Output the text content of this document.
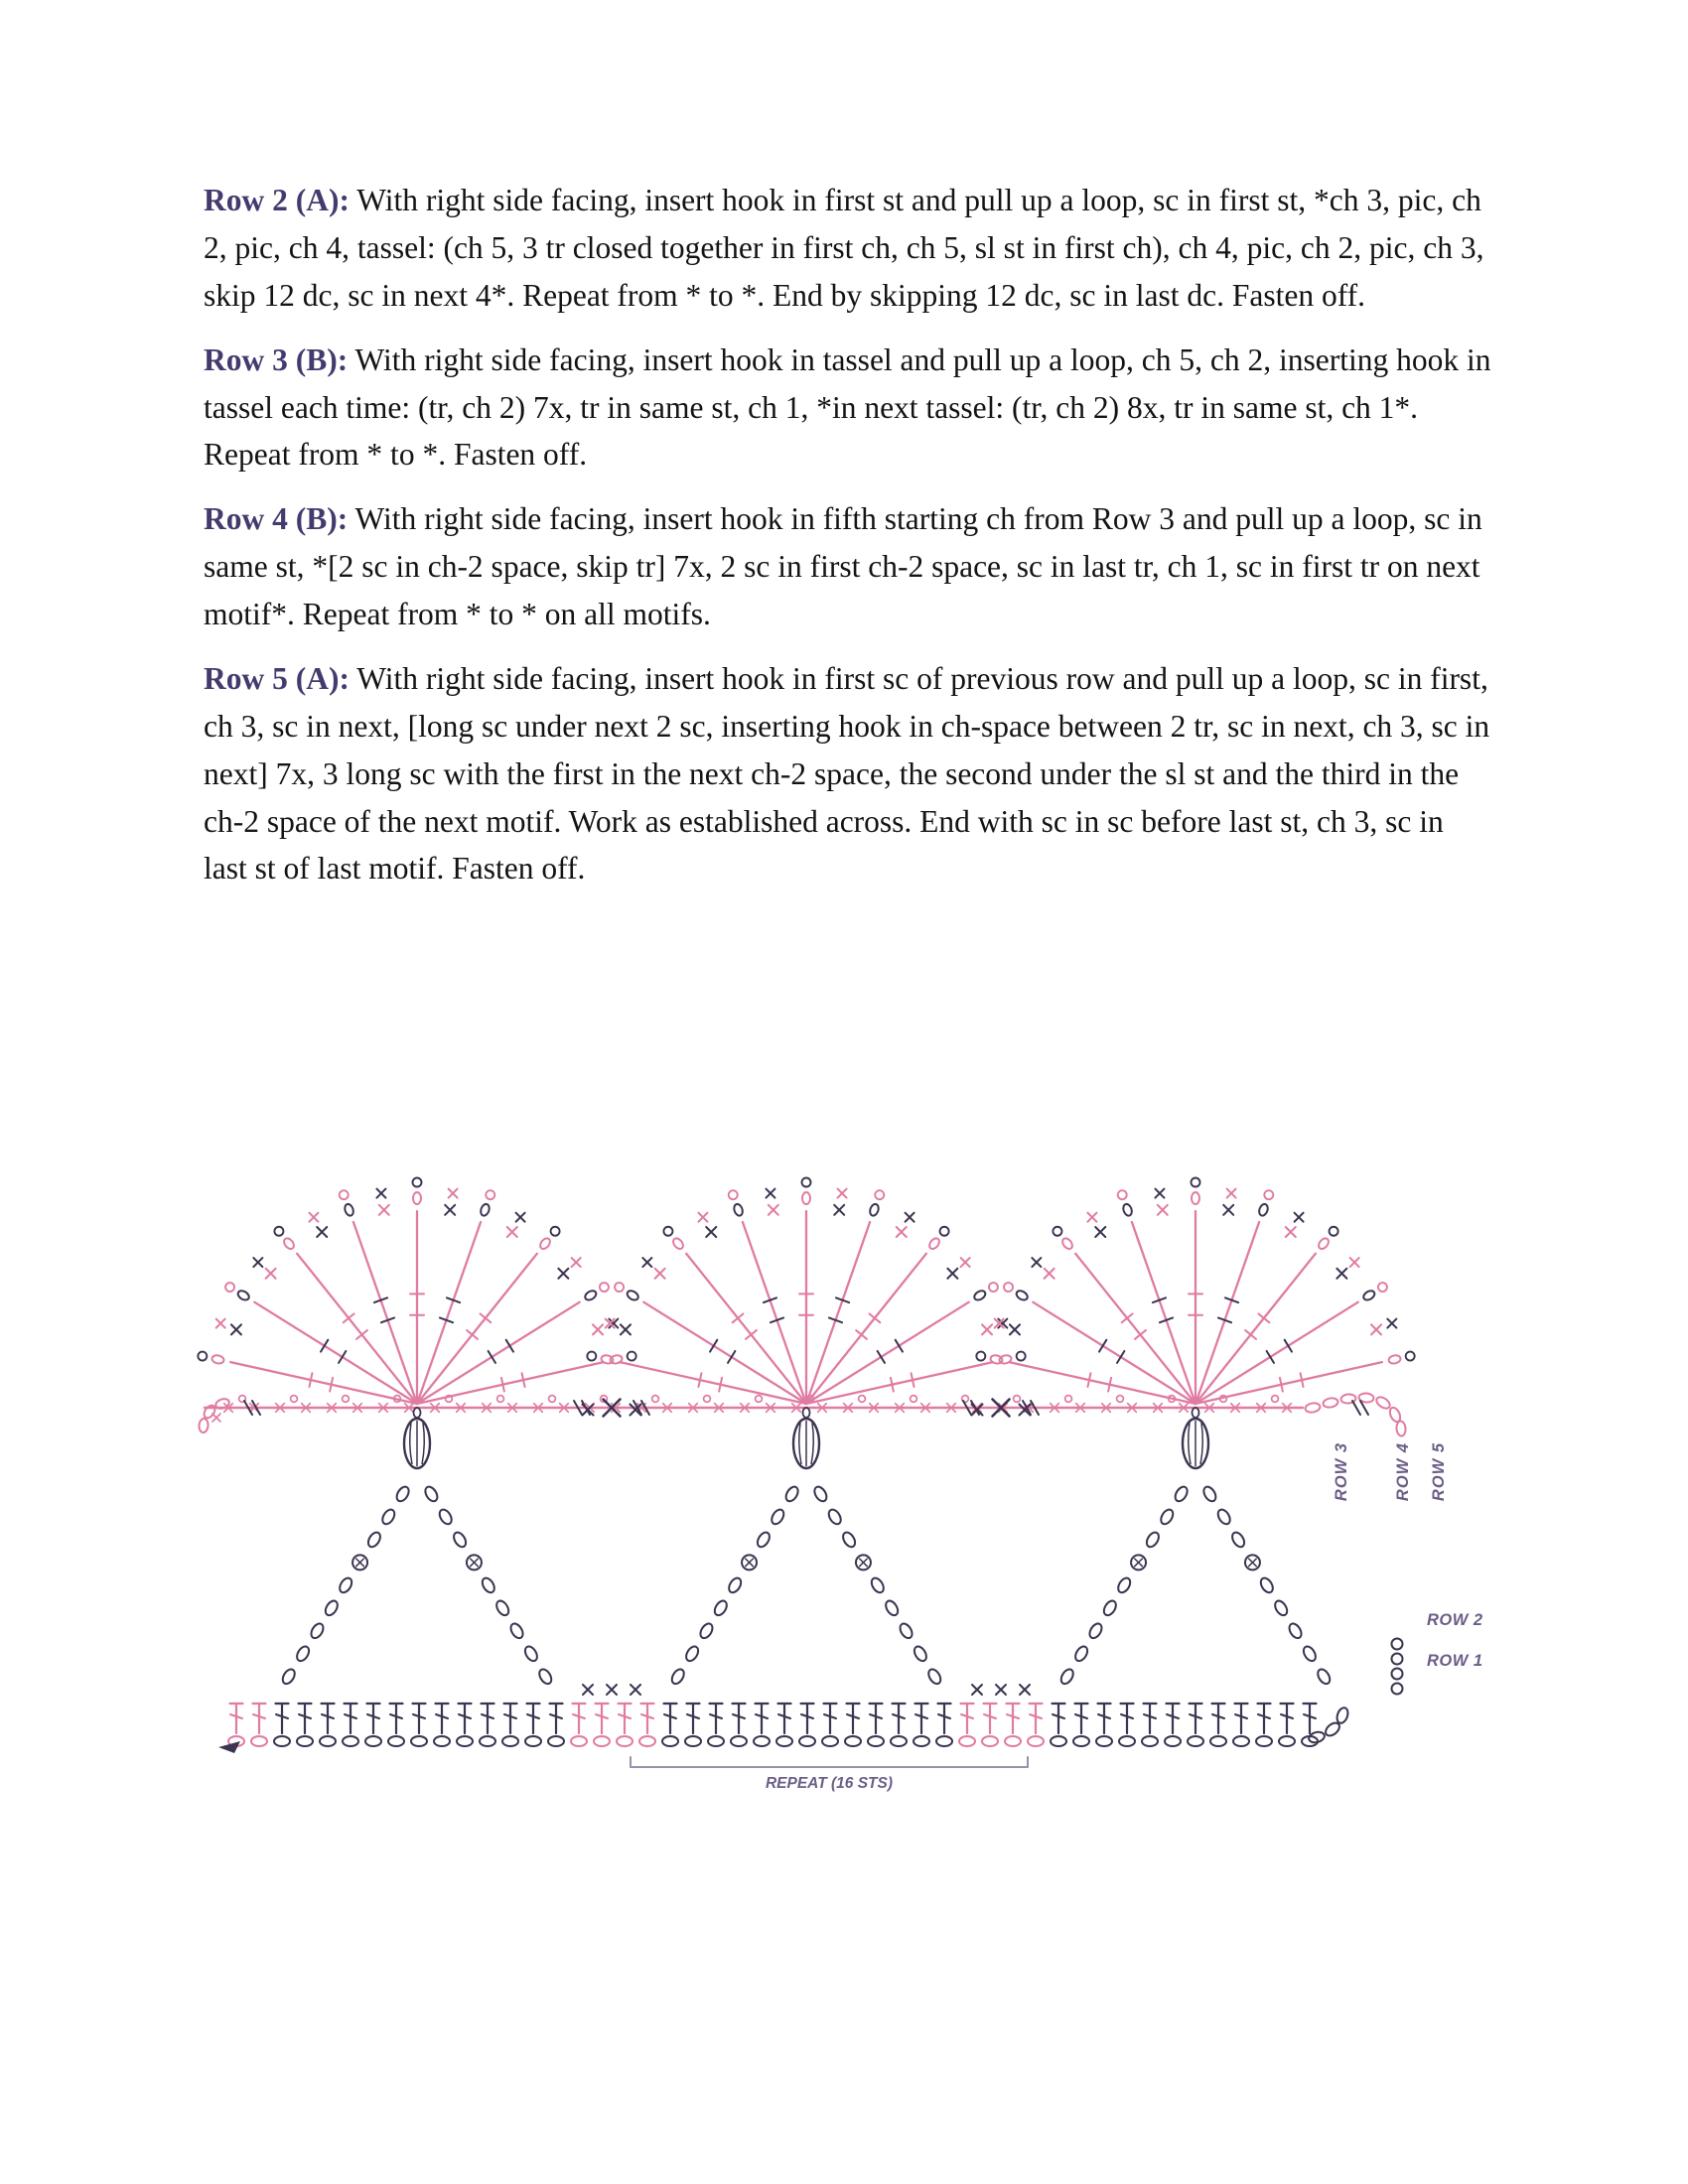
Row 2 (A): With right side facing, insert hook in first st and pull up a loop, sc in first st, *ch 3, pic, ch 2, pic, ch 4, tassel: (ch 5, 3 tr closed together in first ch, ch 5, sl st in first ch), ch 4, pic, ch 2, pic, ch 3, skip 12 dc, sc in next 4*. Repeat from * to *. End by skipping 12 dc, sc in last dc. Fasten off.

Row 3 (B): With right side facing, insert hook in tassel and pull up a loop, ch 5, ch 2, inserting hook in tassel each time: (tr, ch 2) 7x, tr in same st, ch 1, *in next tassel: (tr, ch 2) 8x, tr in same st, ch 1*. Repeat from * to *. Fasten off.

Row 4 (B): With right side facing, insert hook in fifth starting ch from Row 3 and pull up a loop, sc in same st, *[2 sc in ch-2 space, skip tr] 7x, 2 sc in first ch-2 space, sc in last tr, ch 1, sc in first tr on next motif*. Repeat from * to * on all motifs.

Row 5 (A): With right side facing, insert hook in first sc of previous row and pull up a loop, sc in first, ch 3, sc in next, [long sc under next 2 sc, inserting hook in ch-space between 2 tr, sc in next, ch 3, sc in next] 7x, 3 long sc with the first in the next ch-2 space, the second under the sl st and the third in the ch-2 space of the next motif. Work as established across. End with sc in sc before last st, ch 3, sc in last st of last motif. Fasten off.

ROW 3	ROW 4 ROW 5
ROW 2
ROW 1
REPEAT (16 STS)
